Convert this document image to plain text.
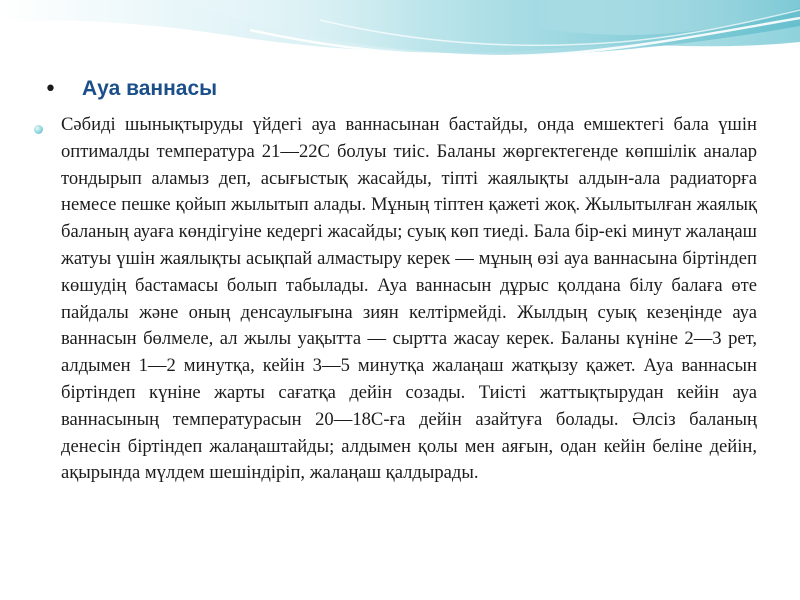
•	Ауа ваннасы

Сәбиді шынықтыруды үйдегі ауа ваннасынан бастайды, онда емшектегі бала үшін оптималды температура 21—22С болуы тиіс. Баланы жөргектегенде көпшілік аналар тондырып аламыз деп, асығыстық жасайды, тіпті жаялықты алдын-ала радиаторға немесе пешке қойып жылытып алады. Мұның тіптен қажеті жоқ. Жылытылған жаялық баланың ауаға көндігуіне кедергі жасайды; суық көп тиеді. Бала бір-екі минут жалаңаш жатуы үшін жаялықты асықпай алмастыру керек — мұның өзі ауа ваннасына біртіндеп көшудің бастамасы болып табылады. Ауа ваннасын дұрыс қолдана білу балаға өте пайдалы және оның денсаулығына зиян келтірмейді. Жылдың суық кезеңінде ауа ваннасын бөлмеле, ал жылы уақытта — сыртта жасау керек. Баланы күніне 2—3 рет, алдымен 1—2 минутқа, кейін 3—5 минутқа жалаңаш жатқызу қажет. Ауа ваннасын біртіндеп күніне жарты сағатқа дейін созады. Тиісті жаттықтырудан кейін ауа ваннасының температурасын 20—18С-ға дейін азайтуға болады. Әлсіз баланың денесін біртіндеп жалаңаштайды; алдымен қолы мен аяғын, одан кейін беліне дейін, ақырында мүлдем шешіндіріп, жалаңаш қалдырады.
